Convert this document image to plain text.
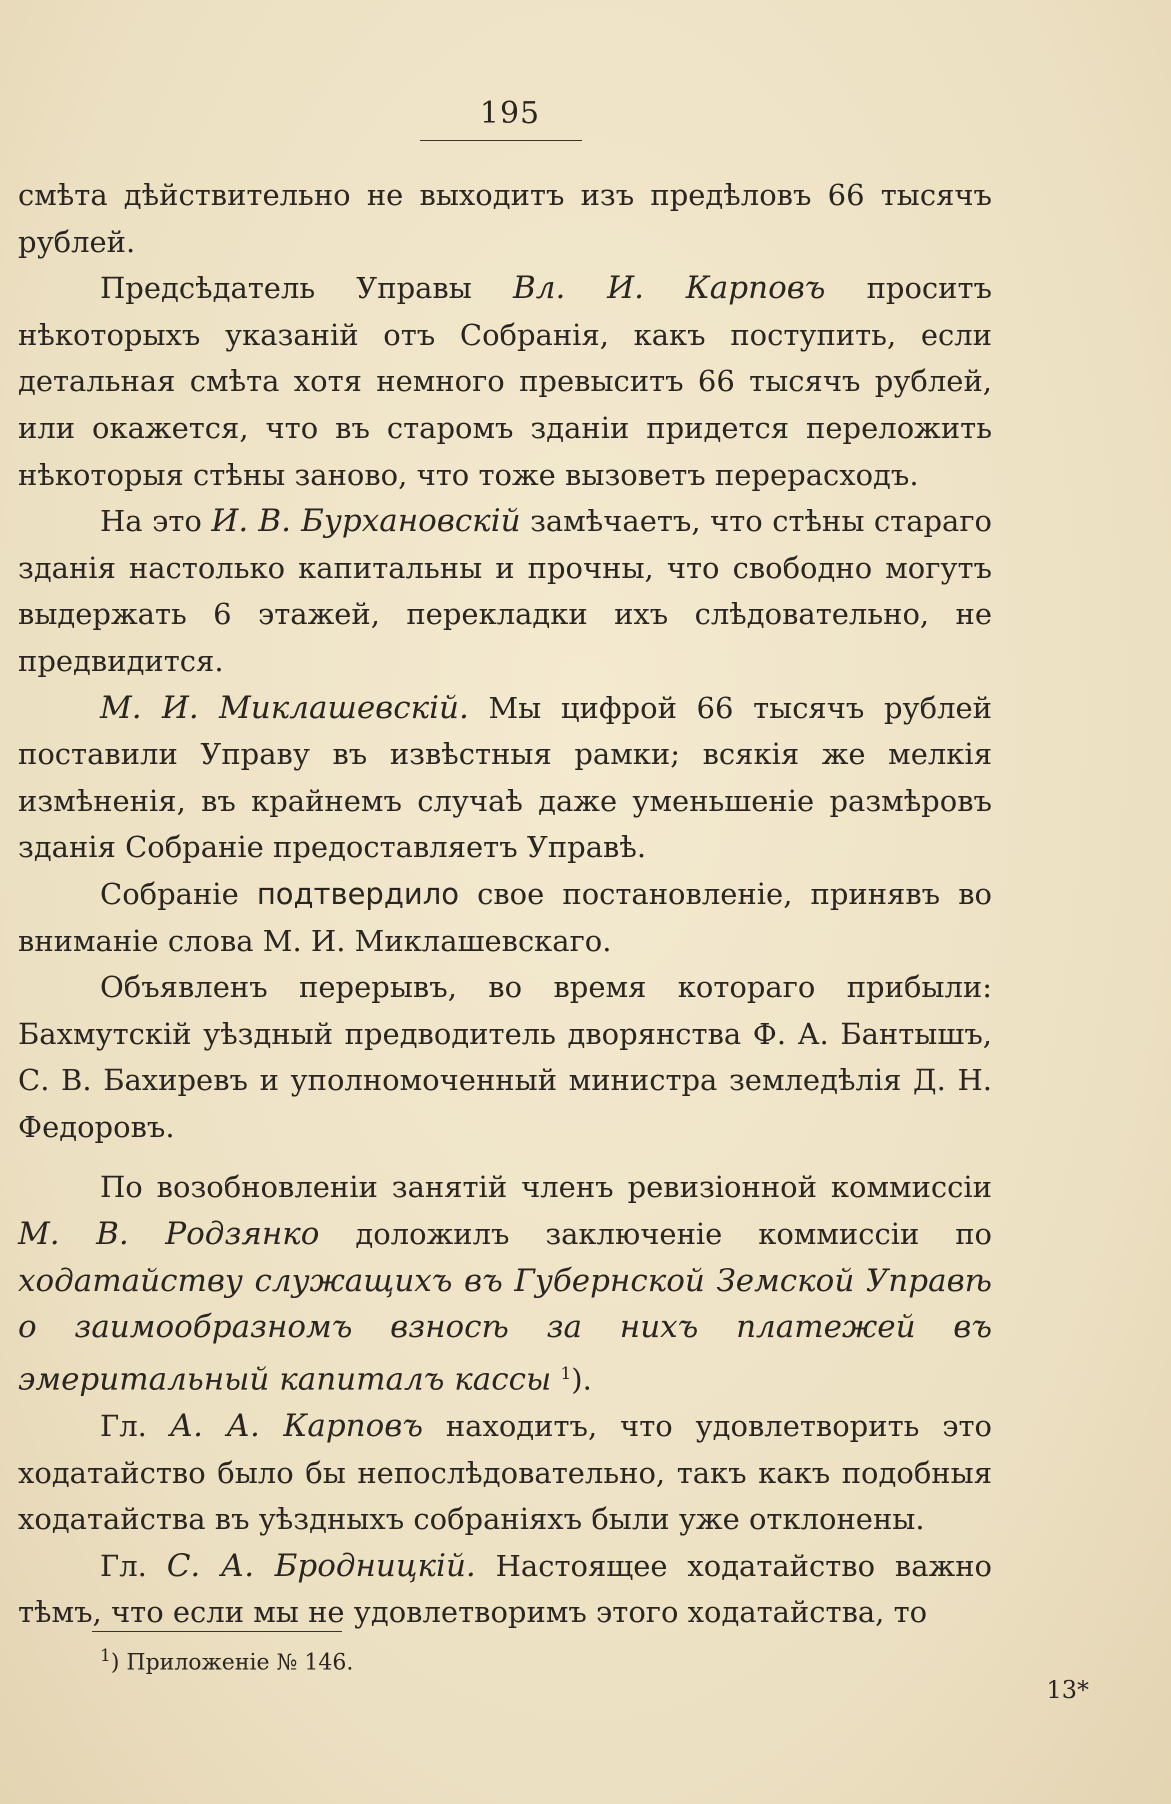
195

смѣта дѣйствительно не выходитъ изъ предѣловъ 66 тысячъ рублей.

Предсѣдатель Управы Вл. И. Карповъ проситъ нѣкоторыхъ указаній отъ Собранія, какъ поступить, если детальная смѣта хотя немного превыситъ 66 тысячъ рублей, или окажется, что въ старомъ зданіи придется переложить нѣкоторыя стѣны заново, что тоже вызоветъ перерасходъ.

На это И. В. Бурхановскій замѣчаетъ, что стѣны стараго зданія настолько капитальны и прочны, что свободно могутъ выдержать 6 этажей, перекладки ихъ слѣдовательно, не предвидится.

М. И. Миклашевскій. Мы цифрой 66 тысячъ рублей поставили Управу въ извѣстныя рамки; всякія же мелкія измѣненія, въ крайнемъ случаѣ даже уменьшеніе размѣровъ зданія Собраніе предоставляетъ Управѣ.

Собраніе подтвердило свое постановленіе, принявъ во вниманіе слова М. И. Миклашевскаго.

Объявленъ перерывъ, во время котораго прибыли: Бахмутскій уѣздный предводитель дворянства Ф. А. Бантышъ, С. В. Бахиревъ и уполномоченный министра земледѣлія Д. Н. Федоровъ.

По возобновленіи занятій членъ ревизіонной коммиссіи М. В. Родзянко доложилъ заключеніе коммиссіи по ходатайству служащихъ въ Губернской Земской Управѣ о заимообразномъ взносѣ за нихъ платежей въ эмеритальный капиталъ кассы $^1$).

Гл. А. А. Карповъ находитъ, что удовлетворить это ходатайство было бы непослѣдовательно, такъ какъ подобныя ходатайства въ уѣздныхъ собраніяхъ были уже отклонены.

Гл. С. А. Бродницкій. Настоящее ходатайство важно тѣмъ, что если мы не удовлетворимъ этого ходатайства, то

$^1$) Приложеніе № 146.
13*
